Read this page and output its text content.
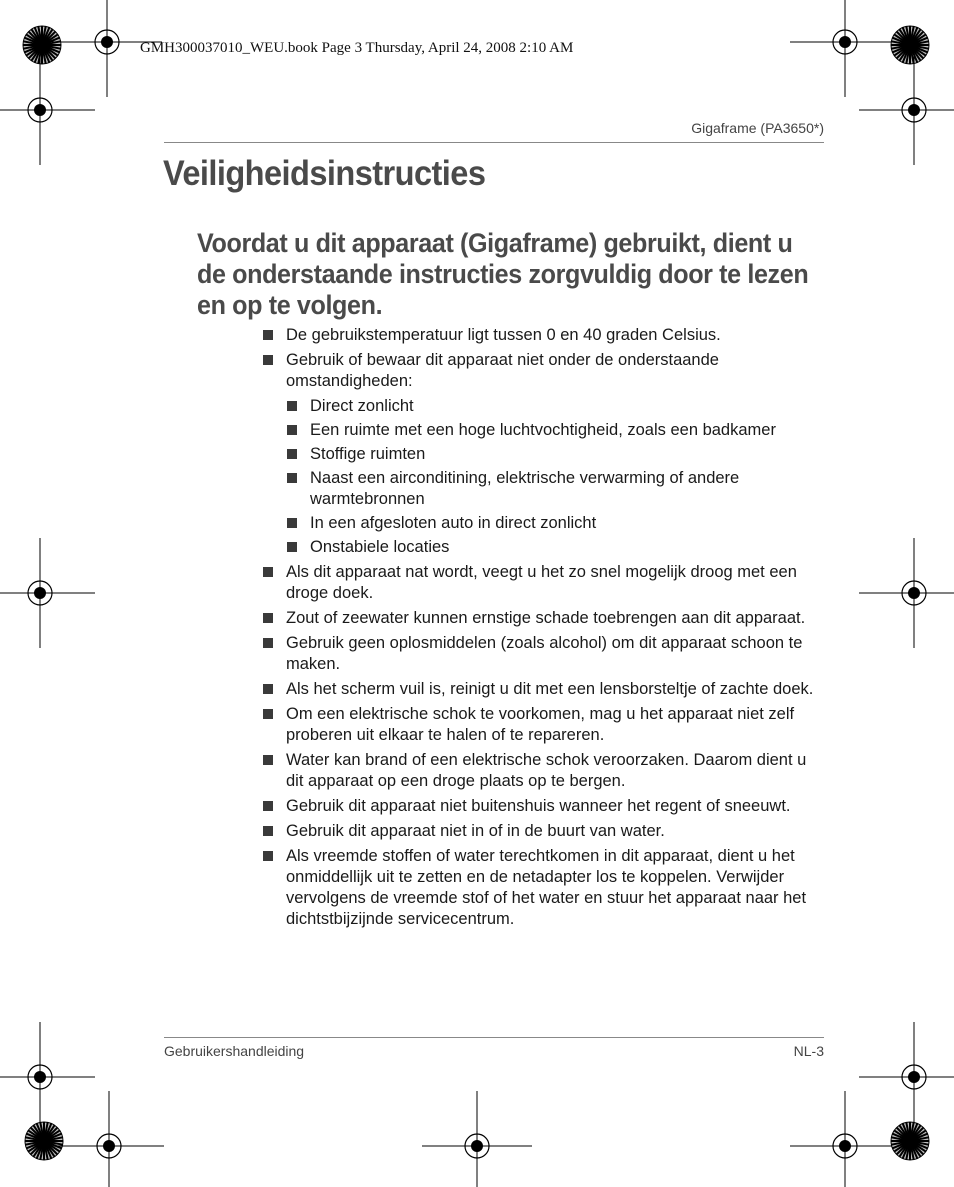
GMH300037010_WEU.book Page 3 Thursday, April 24, 2008 2:10 AM
Gigaframe (PA3650*)
Veiligheidsinstructies
Voordat u dit apparaat (Gigaframe) gebruikt, dient u de onderstaande instructies zorgvuldig door te lezen en op te volgen.
De gebruikstemperatuur ligt tussen 0 en 40 graden Celsius.
Gebruik of bewaar dit apparaat niet onder de onderstaande omstandigheden:
Direct zonlicht
Een ruimte met een hoge luchtvochtigheid, zoals een badkamer
Stoffige ruimten
Naast een airconditining, elektrische verwarming of andere warmtebronnen
In een afgesloten auto in direct zonlicht
Onstabiele locaties
Als dit apparaat nat wordt, veegt u het zo snel mogelijk droog met een droge doek.
Zout of zeewater kunnen ernstige schade toebrengen aan dit apparaat.
Gebruik geen oplosmiddelen (zoals alcohol) om dit apparaat schoon te maken.
Als het scherm vuil is, reinigt u dit met een lensborsteltje of zachte doek.
Om een elektrische schok te voorkomen, mag u het apparaat niet zelf proberen uit elkaar te halen of te repareren.
Water kan brand of een elektrische schok veroorzaken. Daarom dient u dit apparaat op een droge plaats op te bergen.
Gebruik dit apparaat niet buitenshuis wanneer het regent of sneeuwt.
Gebruik dit apparaat niet in of in de buurt van water.
Als vreemde stoffen of water terechtkomen in dit apparaat, dient u het onmiddellijk uit te zetten en de netadapter los te koppelen. Verwijder vervolgens de vreemde stof of het water en stuur het apparaat naar het dichtstbijzijnde servicecentrum.
Gebruikershandleiding	NL-3
